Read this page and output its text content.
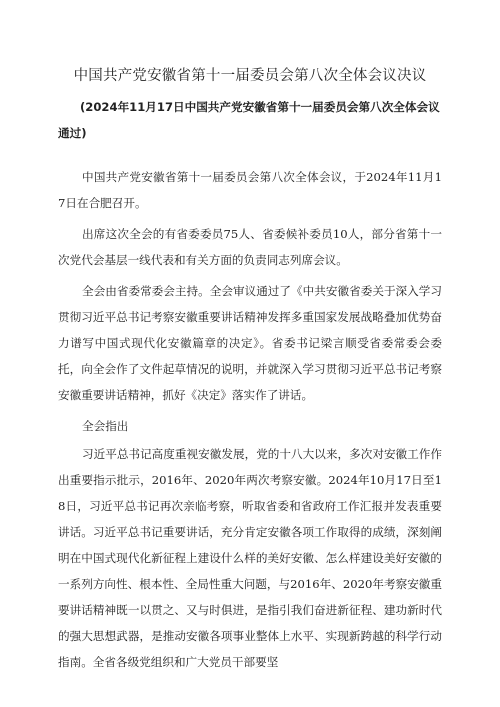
中国共产党安徽省第十一届委员会第八次全体会议决议
(2024年11月17日中国共产党安徽省第十一届委员会第八次全体会议通过)

中国共产党安徽省第十一届委员会第八次全体会议，于2024年11月17日在合肥召开。

出席这次全会的有省委委员75人、省委候补委员10人，部分省第十一次党代会基层一线代表和有关方面的负责同志列席会议。

全会由省委常委会主持。全会审议通过了《中共安徽省委关于深入学习贯彻习近平总书记考察安徽重要讲话精神发挥多重国家发展战略叠加优势奋力谱写中国式现代化安徽篇章的决定》。省委书记梁言顺受省委常委会委托，向全会作了文件起草情况的说明，并就深入学习贯彻习近平总书记考察安徽重要讲话精神，抓好《决定》落实作了讲话。

全会指出

习近平总书记高度重视安徽发展，党的十八大以来，多次对安徽工作作出重要指示批示，2016年、2020年两次考察安徽。2024年10月17日至18日，习近平总书记再次亲临考察，听取省委和省政府工作汇报并发表重要讲话。习近平总书记重要讲话，充分肯定安徽各项工作取得的成绩，深刻阐明在中国式现代化新征程上建设什么样的美好安徽、怎么样建设美好安徽的一系列方向性、根本性、全局性重大问题，与2016年、2020年考察安徽重要讲话精神既一以贯之、又与时俱进，是指引我们奋进新征程、建功新时代的强大思想武器，是推动安徽各项事业整体上水平、实现新跨越的科学行动指南。全省各级党组织和广大党员干部要坚
